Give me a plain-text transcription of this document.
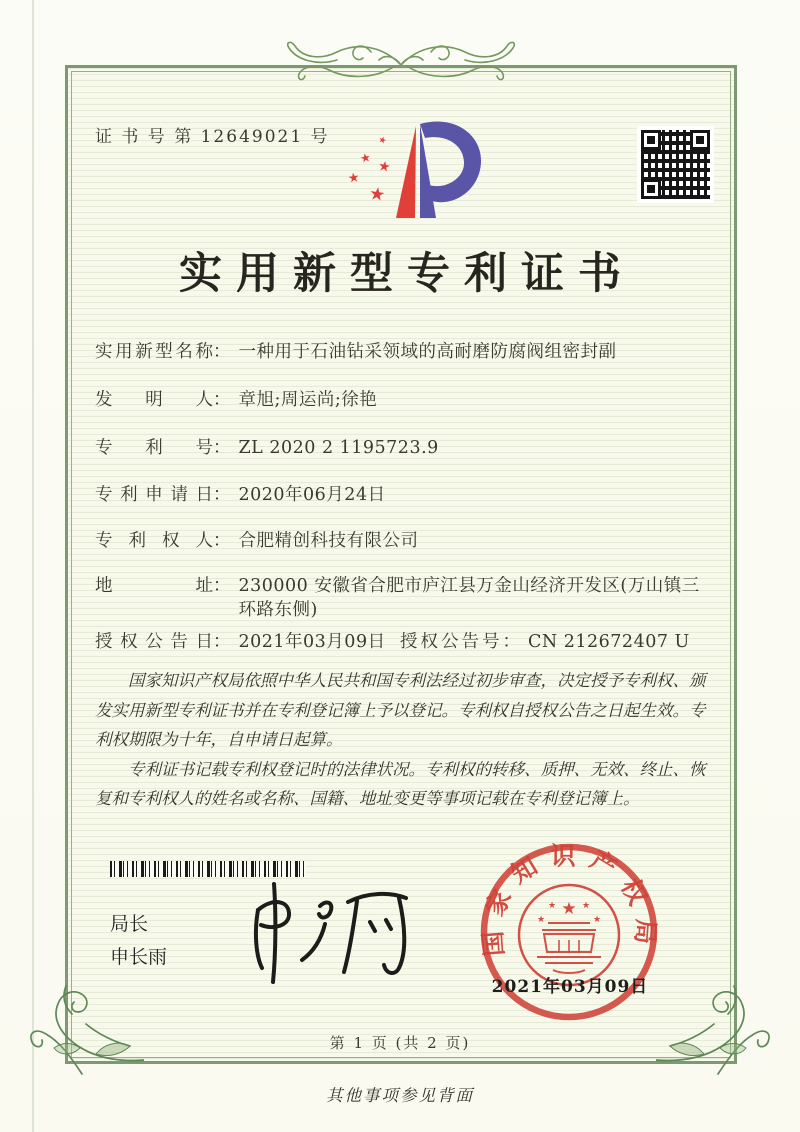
证 书 号 第 12649021 号	★
★
★
★
★
实用新型专利证书
实用新型名称 ： 一种用于石油钻采领域的高耐磨防腐阀组密封副
发明人 ： 章旭;周运尚;徐艳
专利号 ： ZL 2020 2 1195723.9
专利申请日 ： 2020年06月24日
专利权人 ： 合肥精创科技有限公司
地址 ： 230000 安徽省合肥市庐江县万金山经济开发区(万山镇三环路东侧)
授权公告日 ： 2021年03月09日 授权公告号 ： CN 212672407 U

国家知识产权局依照中华人民共和国专利法经过初步审查，决定授予专利权、颁发实用新型专利证书并在专利登记簿上予以登记。专利权自授权公告之日起生效。专利权期限为十年，自申请日起算。

专利证书记载专利权登记时的法律状况。专利权的转移、质押、无效、终止、恢复和专利权人的姓名或名称、国籍、地址变更等事项记载在专利登记簿上。

局长
申长雨
国家知识产权局
★
★	★
★	★
2021年03月09日
第 1 页 (共 2 页)
其他事项参见背面
